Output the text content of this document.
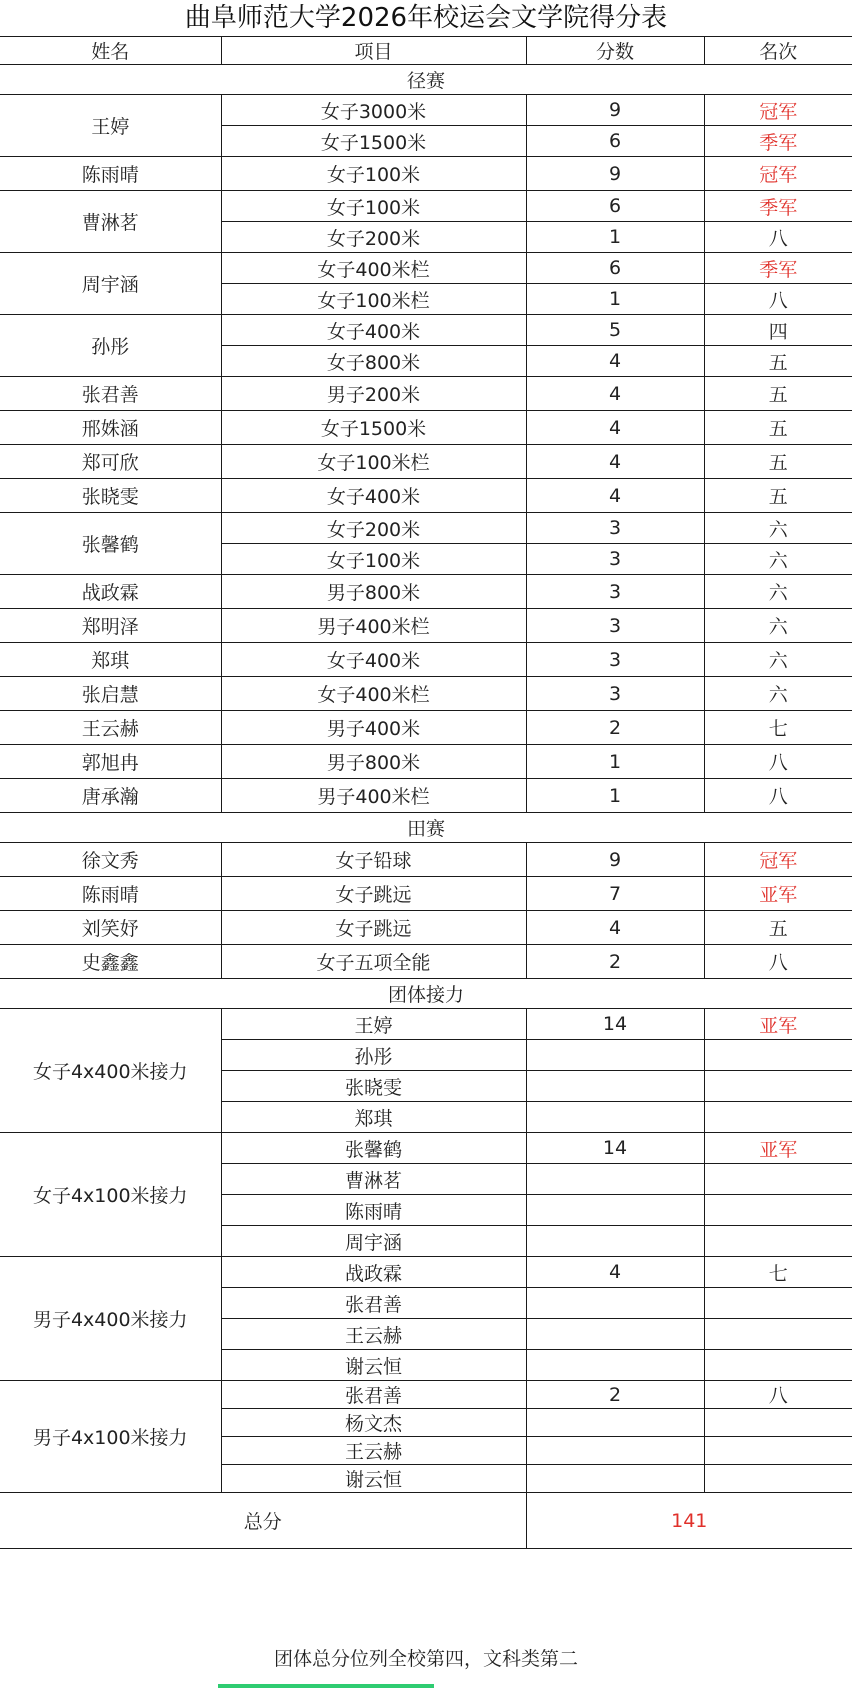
曲阜师范大学2026年校运会文学院得分表
姓名	项目	分数	名次
径赛			
王婷	女子3000米	9	冠军
	女子1500米	6	季军
陈雨晴	女子100米	9	冠军
曹淋茗	女子100米	6	季军
	女子200米	1	八
周宇涵	女子400米栏	6	季军
	女子100米栏	1	八
孙彤	女子400米	5	四
	女子800米	4	五
张君善	男子200米	4	五
邢姝涵	女子1500米	4	五
郑可欣	女子100米栏	4	五
张晓雯	女子400米	4	五
张馨鹤	女子200米	3	六
	女子100米	3	六
战政霖	男子800米	3	六
郑明泽	男子400米栏	3	六
郑琪	女子400米	3	六
张启慧	女子400米栏	3	六
王云赫	男子400米	2	七
郭旭冉	男子800米	1	八
唐承瀚	男子400米栏	1	八
田赛			
徐文秀	女子铅球	9	冠军
陈雨晴	女子跳远	7	亚军
刘笑妤	女子跳远	4	五
史鑫鑫	女子五项全能	2	八
团体接力			
女子4x400米接力	王婷	14	亚军
	孙彤		
	张晓雯		
	郑琪		
女子4x100米接力	张馨鹤	14	亚军
	曹淋茗		
	陈雨晴		
	周宇涵		
男子4x400米接力	战政霖	4	七
	张君善		
	王云赫		
	谢云恒		
男子4x100米接力	张君善	2	八
	杨文杰		
	王云赫		
	谢云恒		
总分		141	
团体总分位列全校第四，文科类第二
